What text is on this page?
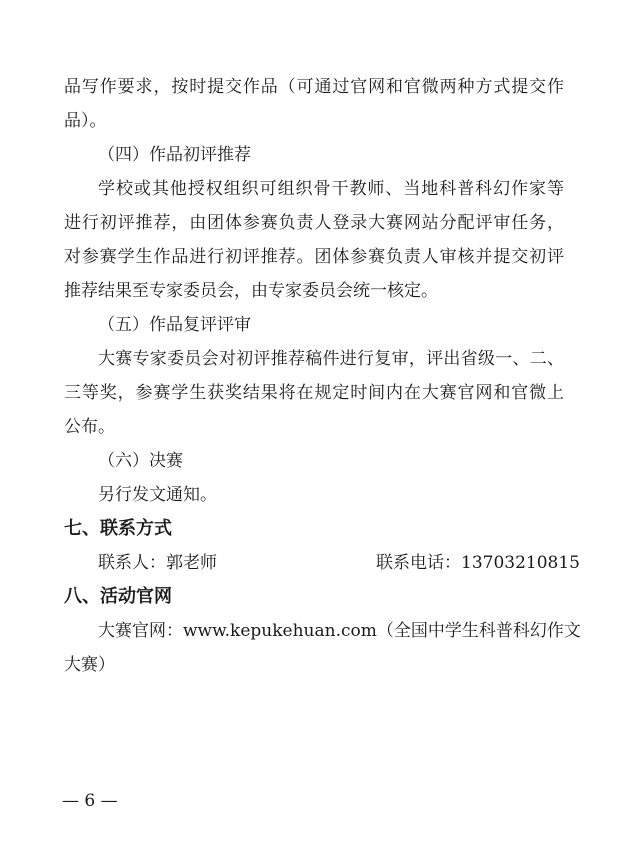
品写作要求，按时提交作品（可通过官网和官微两种方式提交作
品）。
（四）作品初评推荐
学校或其他授权组织可组织骨干教师、当地科普科幻作家等
进行初评推荐，由团体参赛负责人登录大赛网站分配评审任务，
对参赛学生作品进行初评推荐。团体参赛负责人审核并提交初评
推荐结果至专家委员会，由专家委员会统一核定。
（五）作品复评评审
大赛专家委员会对初评推荐稿件进行复审，评出省级一、二、
三等奖，参赛学生获奖结果将在规定时间内在大赛官网和官微上
公布。
（六）决赛
另行发文通知。
七、联系方式
联系人：郭老师	联系电话：13703210815
八、活动官网
大赛官网：www.kepukehuan.com（全国中学生科普科幻作文
大赛）
— 6 —
